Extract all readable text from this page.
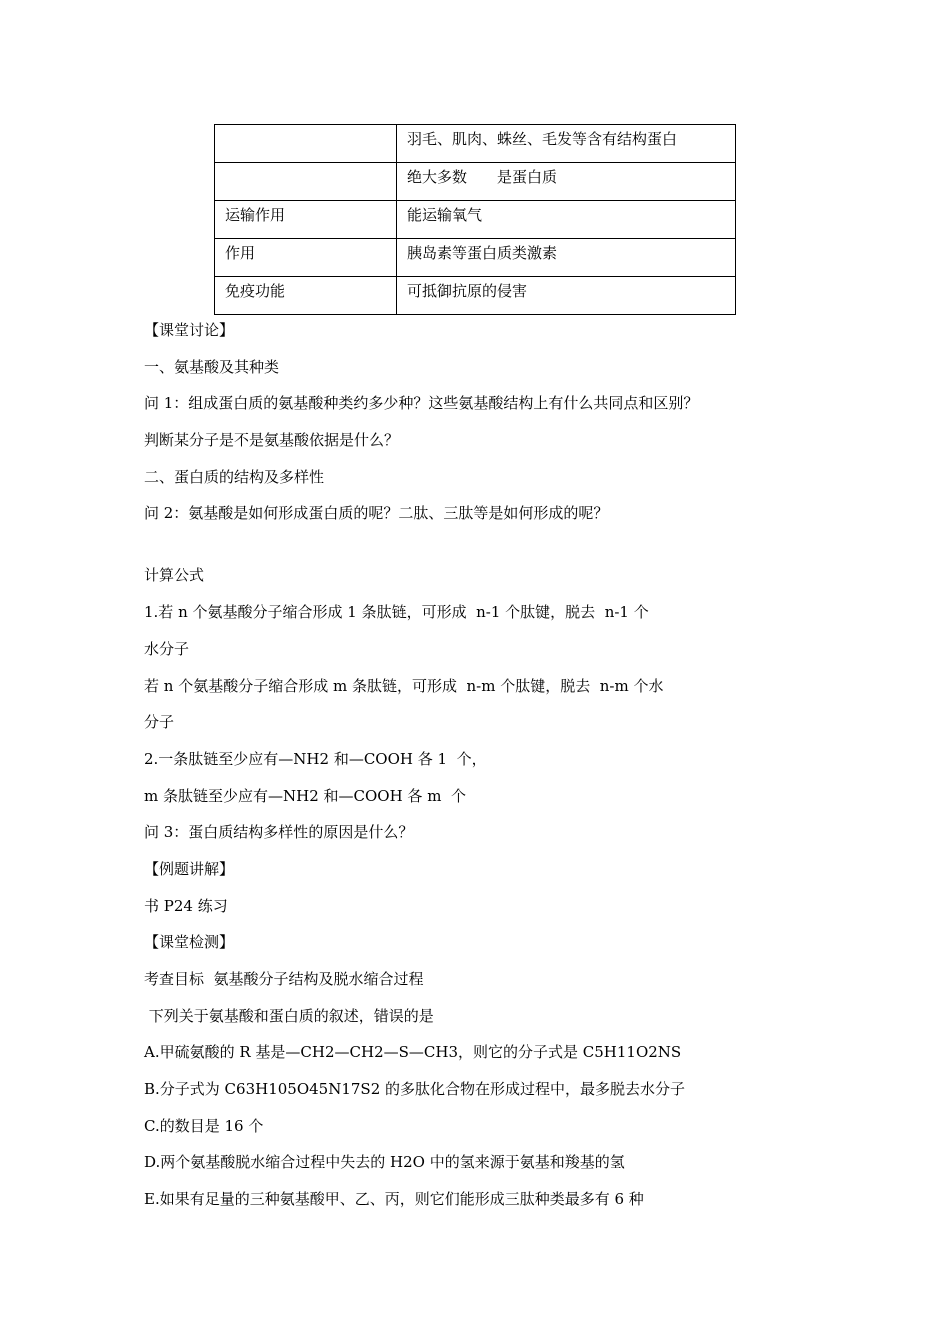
	羽毛、肌肉、蛛丝、毛发等含有结构蛋白
	绝大多数　　是蛋白质
运输作用	能运输氧气
作用	胰岛素等蛋白质类激素
免疫功能	可抵御抗原的侵害
【课堂讨论】
一、氨基酸及其种类
问 1：组成蛋白质的氨基酸种类约多少种？这些氨基酸结构上有什么共同点和区别？
判断某分子是不是氨基酸依据是什么？
二、蛋白质的结构及多样性
问 2：氨基酸是如何形成蛋白质的呢？二肽、三肽等是如何形成的呢？
计算公式
1.若 n 个氨基酸分子缩合形成 1 条肽链，可形成  n-1 个肽键，脱去  n-1 个
水分子
若 n 个氨基酸分子缩合形成 m 条肽链，可形成  n-m 个肽键，脱去  n-m 个水
分子
2.一条肽链至少应有—NH2 和—COOH 各 1  个，
m 条肽链至少应有—NH2 和—COOH 各 m  个
问 3：蛋白质结构多样性的原因是什么？
【例题讲解】
书 P24 练习
【课堂检测】
考查目标  氨基酸分子结构及脱水缩合过程
下列关于氨基酸和蛋白质的叙述，错误的是
A.甲硫氨酸的 R 基是—CH2—CH2—S—CH3，则它的分子式是 C5H11O2NS
B.分子式为 C63H105O45N17S2 的多肽化合物在形成过程中，最多脱去水分子
C.的数目是 16 个
D.两个氨基酸脱水缩合过程中失去的 H2O 中的氢来源于氨基和羧基的氢
E.如果有足量的三种氨基酸甲、乙、丙，则它们能形成三肽种类最多有 6 种
